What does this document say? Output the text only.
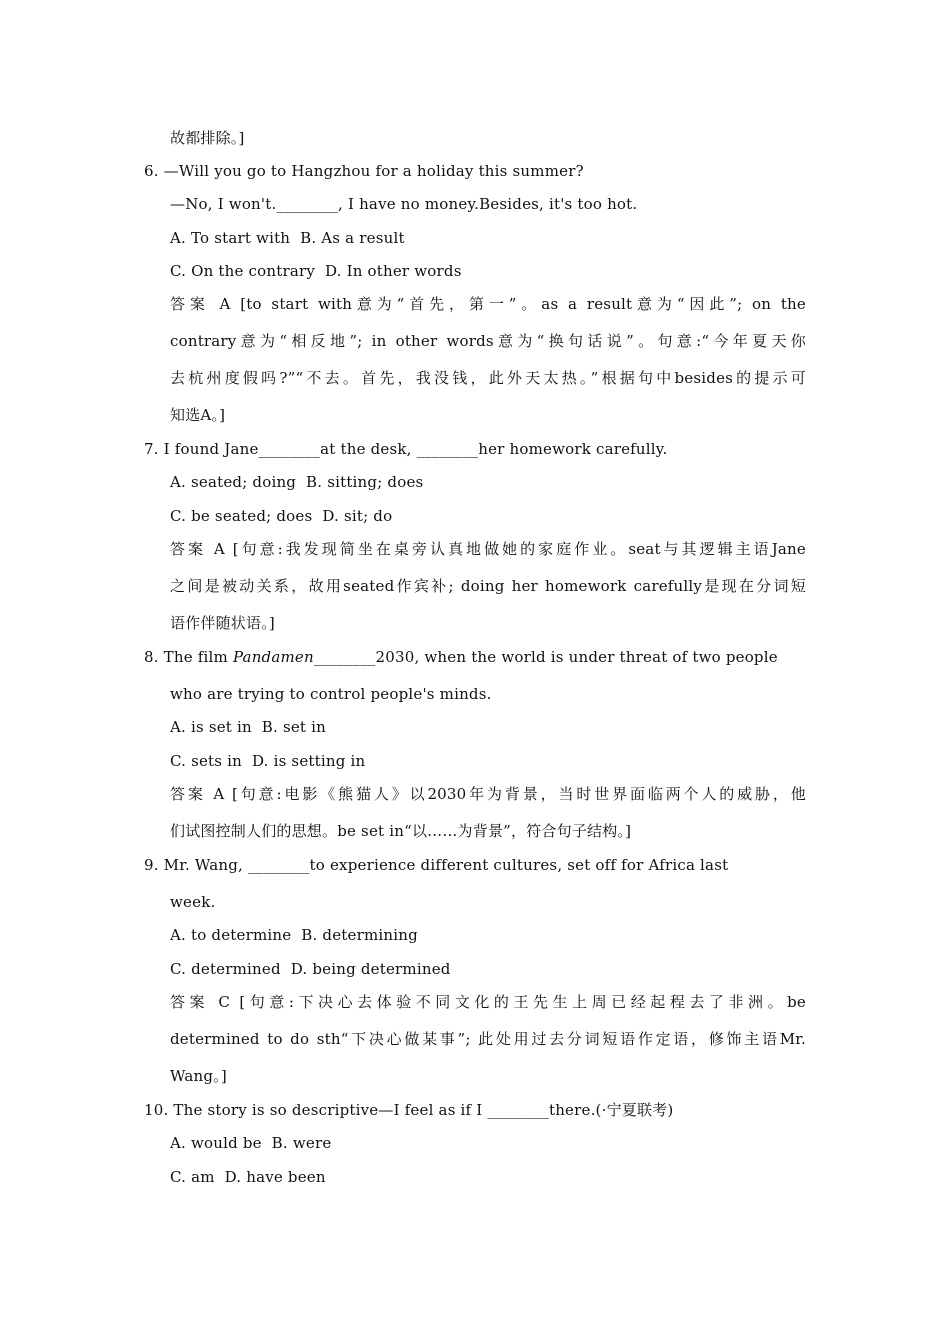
故都排除。]
6. —Will you go to Hangzhou for a holiday this summer?
—No, I won't.________, I have no money.Besides, it's too hot.
A. To start with  B. As a result
C. On the contrary  D. In other words
答案 A [to start with意为“首先，第一”。as a result意为“因此”; on the
contrary意为“相反地”; in other words意为“换句话说”。句意:“今年夏天你
去杭州度假吗?”“不去。首先，我没钱，此外天太热。”根据句中besides的提示可
知选A。]
7. I found Jane________at the desk, ________her homework carefully.
A. seated; doing  B. sitting; does
C. be seated; does  D. sit; do
答案 A [句意:我发现简坐在桌旁认真地做她的家庭作业。seat与其逻辑主语Jane
之间是被动关系，故用seated作宾补; doing her homework carefully是现在分词短
语作伴随状语。]
8. The film Pandamen________2030, when the world is under threat of two people
who are trying to control people's minds.
A. is set in  B. set in
C. sets in  D. is setting in
答案 A [句意:电影《熊猫人》以2030年为背景，当时世界面临两个人的威胁，他
们试图控制人们的思想。be set in“以……为背景”，符合句子结构。]
9. Mr. Wang, ________to experience different cultures, set off for Africa last
week.
A. to determine  B. determining
C. determined  D. being determined
答案 C [句意:下决心去体验不同文化的王先生上周已经起程去了非洲。be
determined to do sth“下决心做某事”; 此处用过去分词短语作定语，修饰主语Mr.
Wang。]
10. The story is so descriptive—I feel as if I ________there.(·宁夏联考)
A. would be  B. were
C. am  D. have been
